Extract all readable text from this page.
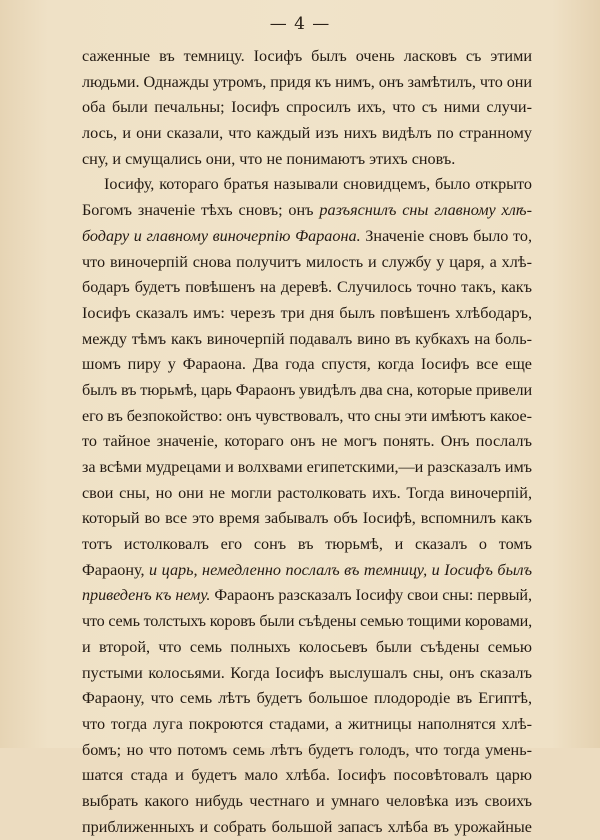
— 4 —
саженные въ темницу. Іосифъ былъ очень ласковъ съ этими
людьми. Однажды утромъ, придя къ нимъ, онъ замѣтилъ, что они
оба были печальны; Іосифъ спросилъ ихъ, что съ ними случи-
лось, и они сказали, что каждый изъ нихъ видѣлъ по странному
сну, и смущались они, что не понимаютъ этихъ сновъ.
Іосифу, котораго братья называли сновидцемъ, было открыто
Богомъ значеніе тѣхъ сновъ; онъ разъяснилъ сны главному хлѣ-
бодару и главному виночерпію Фараона. Значеніе сновъ было то,
что виночерпій снова получитъ милость и службу у царя, а хлѣ-
бодаръ будетъ повѣшенъ на деревѣ. Случилось точно такъ, какъ
Іосифъ сказалъ имъ: черезъ три дня былъ повѣшенъ хлѣбодаръ,
между тѣмъ какъ виночерпій подавалъ вино въ кубкахъ на боль-
шомъ пиру у Фараона. Два года спустя, когда Іосифъ все еще
былъ въ тюрьмѣ, царь Фараонъ увидѣлъ два сна, которые привели
его въ безпокойство: онъ чувствовалъ, что сны эти имѣютъ какое-
то тайное значеніе, котораго онъ не могъ понять. Онъ послалъ
за всѣми мудрецами и волхвами египетскими,—и разсказалъ имъ
свои сны, но они не могли растолковать ихъ. Тогда виночерпій,
который во все это время забывалъ объ Іосифѣ, вспомнилъ какъ
тотъ истолковалъ его сонъ въ тюрьмѣ, и сказалъ о томъ
Фараону, и царь, немедленно послалъ въ темницу, и Іосифъ былъ
приведенъ къ нему. Фараонъ разсказалъ Іосифу свои сны: первый,
что семь толстыхъ коровъ были съѣдены семью тощими коровами,
и второй, что семь полныхъ колосьевъ были съѣдены семью
пустыми колосьями. Когда Іосифъ выслушалъ сны, онъ сказалъ
Фараону, что семь лѣтъ будетъ большое плодородіе въ Египтѣ,
что тогда луга покроются стадами, а житницы наполнятся хлѣ-
бомъ; но что потомъ семь лѣтъ будетъ голодъ, что тогда умень-
шатся стада и будетъ мало хлѣба. Іосифъ посовѣтовалъ царю
выбрать какого нибудь честнаго и умнаго человѣка изъ своихъ
приближенныхъ и собрать большой запасъ хлѣба въ урожайные
